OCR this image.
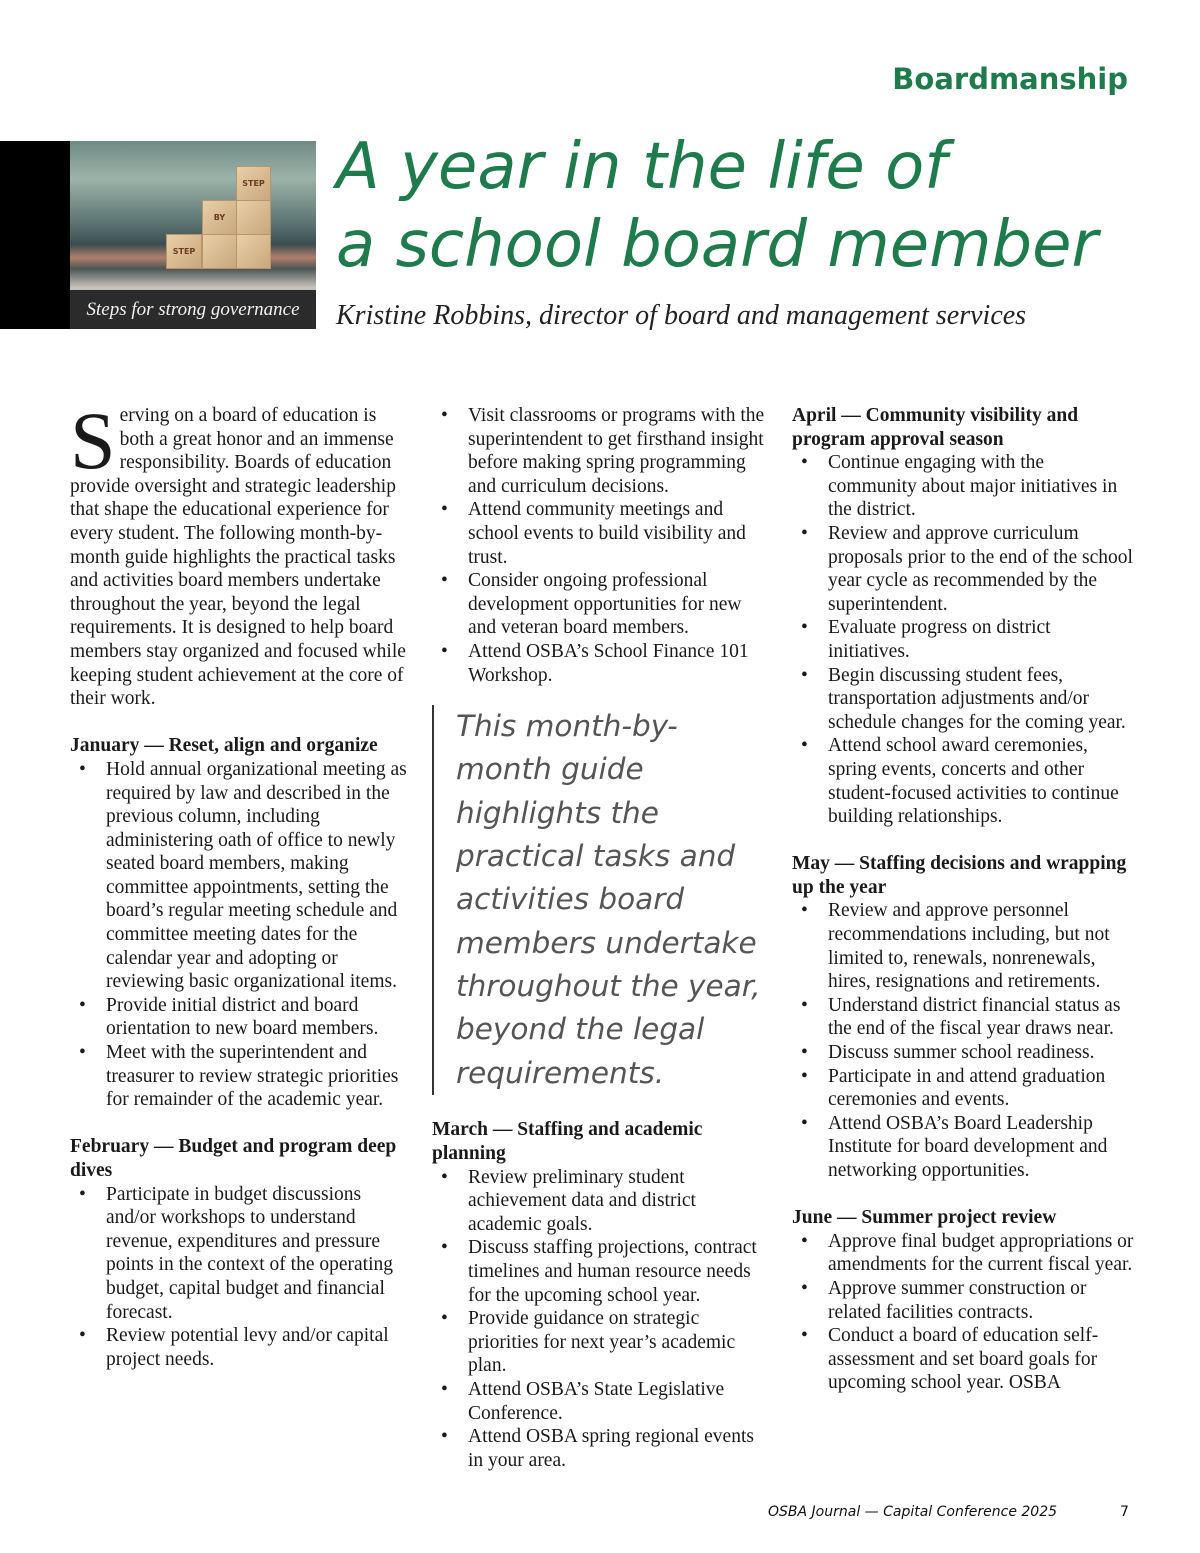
Boardmanship
STEP
BY
STEP
Steps for strong governance
A year in the life of
a school board member
Kristine Robbins, director of board and management services

Serving on a board of education is both a great honor and an immense responsibility. Boards of education provide oversight and strategic leadership that shape the educational experience for every student. The following month-by-month guide highlights the practical tasks and activities board members undertake throughout the year, beyond the legal requirements. It is designed to help board members stay organized and focused while keeping student achievement at the core of their work.

January — Reset, align and organize

• Hold annual organizational meeting as required by law and described in the previous column, including administering oath of office to newly seated board members, making committee appointments, setting the board’s regular meeting schedule and committee meeting dates for the calendar year and adopting or reviewing basic organizational items.
• Provide initial district and board orientation to new board members.
• Meet with the superintendent and treasurer to review strategic priorities for remainder of the academic year.

February — Budget and program deep dives

• Participate in budget discussions and/or workshops to understand revenue, expenditures and pressure points in the context of the operating budget, capital budget and financial forecast.
• Review potential levy and/or capital project needs.
• Visit classrooms or programs with the superintendent to get firsthand insight before making spring programming and curriculum decisions.
• Attend community meetings and school events to build visibility and trust.
• Consider ongoing professional development opportunities for new and veteran board members.
• Attend OSBA’s School Finance 101 Workshop.
This month-by-month guide highlights the practical tasks and activities board members undertake throughout the year, beyond the legal requirements.

March — Staffing and academic planning

• Review preliminary student achievement data and district academic goals.
• Discuss staffing projections, contract timelines and human resource needs for the upcoming school year.
• Provide guidance on strategic priorities for next year’s academic plan.
• Attend OSBA’s State Legislative Conference.
• Attend OSBA spring regional events in your area.

April — Community visibility and program approval season

• Continue engaging with the community about major initiatives in the district.
• Review and approve curriculum proposals prior to the end of the school year cycle as recommended by the superintendent.
• Evaluate progress on district initiatives.
• Begin discussing student fees, transportation adjustments and/or schedule changes for the coming year.
• Attend school award ceremonies, spring events, concerts and other student-focused activities to continue building relationships.

May — Staffing decisions and wrapping up the year

• Review and approve personnel recommendations including, but not limited to, renewals, nonrenewals, hires, resignations and retirements.
• Understand district financial status as the end of the fiscal year draws near.
• Discuss summer school readiness.
• Participate in and attend graduation ceremonies and events.
• Attend OSBA’s Board Leadership Institute for board development and networking opportunities.

June — Summer project review

• Approve final budget appropriations or amendments for the current fiscal year.
• Approve summer construction or related facilities contracts.
• Conduct a board of education self-assessment and set board goals for upcoming school year. OSBA
OSBA Journal — Capital Conference 2025	7
